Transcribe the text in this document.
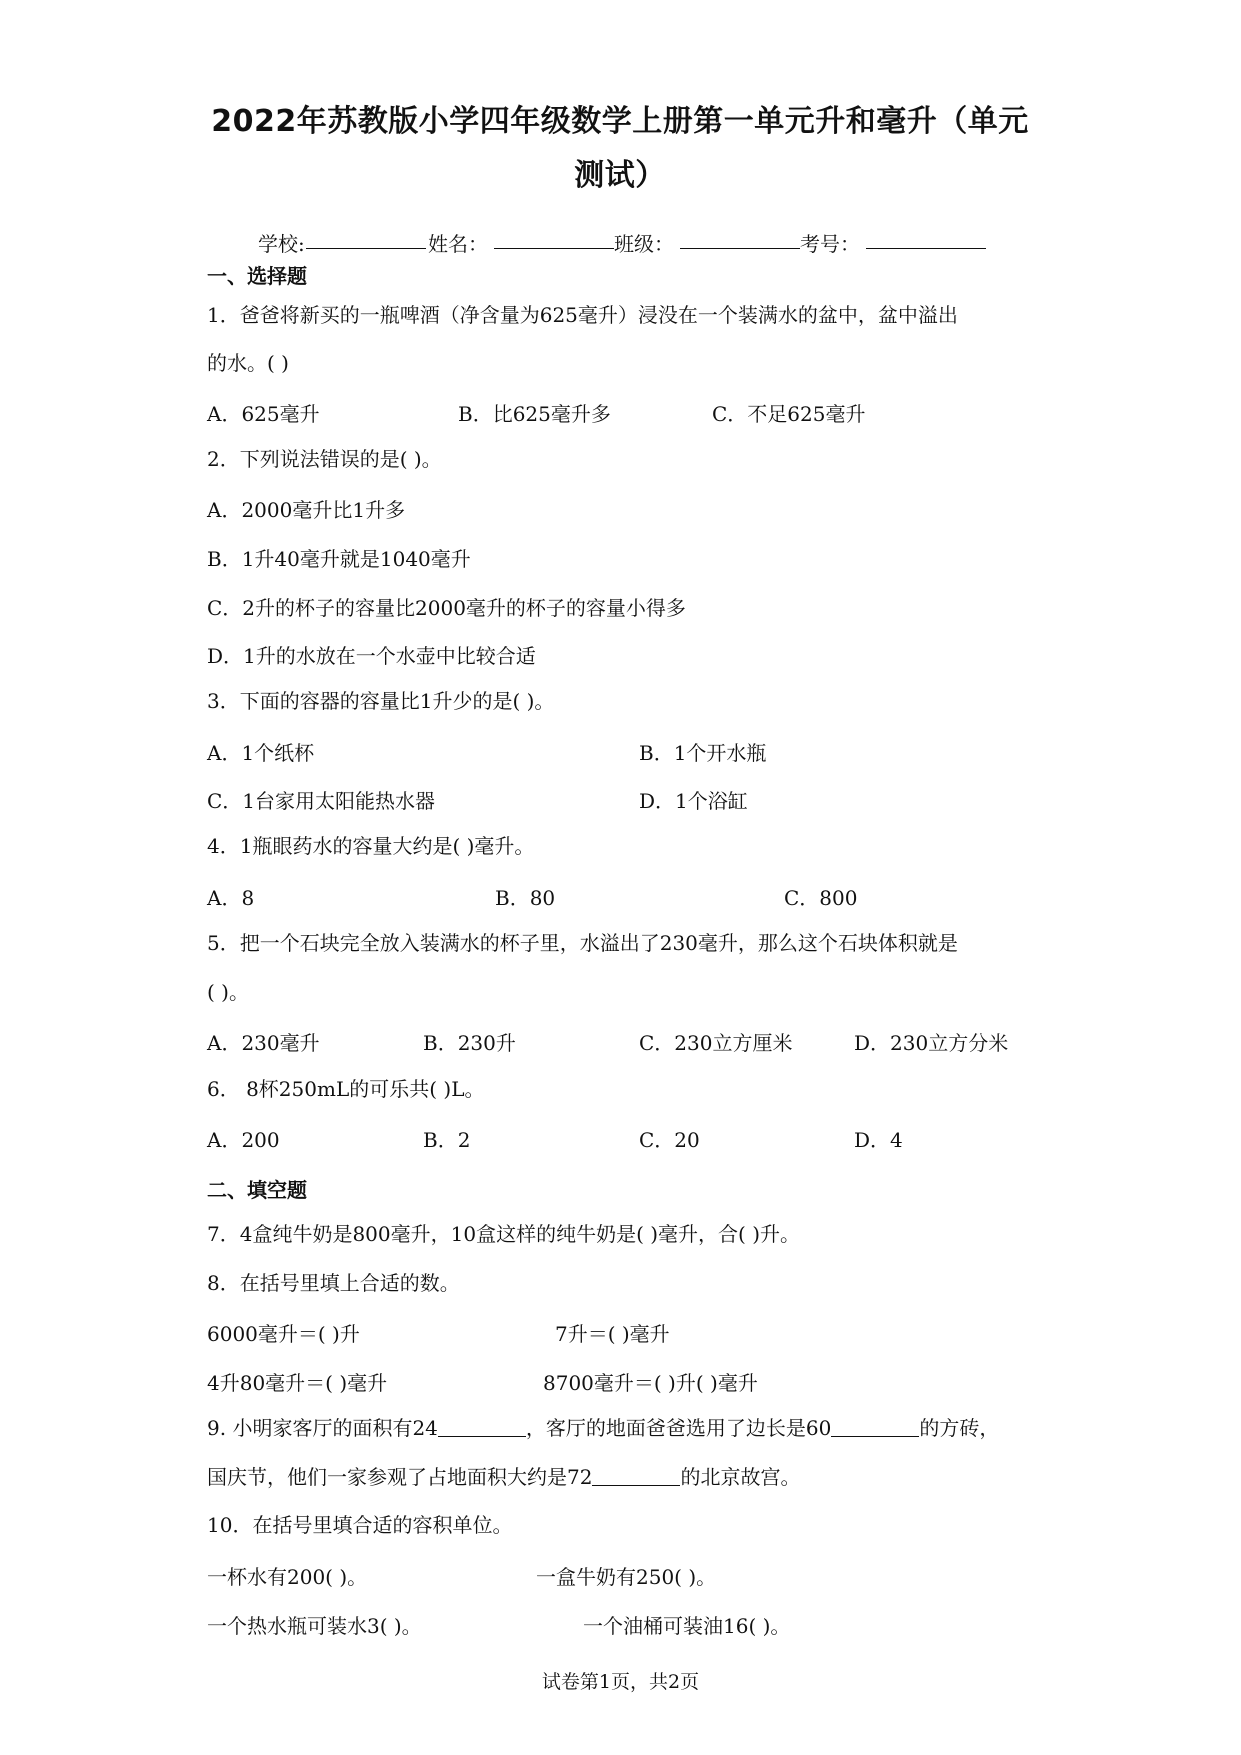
2022年苏教版小学四年级数学上册第一单元升和毫升（单元
测试）
学校:	姓名：	班级：	考号：
一、选择题
1．爸爸将新买的一瓶啤酒（净含量为625毫升）浸没在一个装满水的盆中，盆中溢出
的水。( )
A．625毫升	B．比625毫升多	C．不足625毫升
2．下列说法错误的是( )。
A．2000毫升比1升多
B．1升40毫升就是1040毫升
C．2升的杯子的容量比2000毫升的杯子的容量小得多
D．1升的水放在一个水壶中比较合适
3．下面的容器的容量比1升少的是( )。
A．1个纸杯	B．1个开水瓶
C．1台家用太阳能热水器	D．1个浴缸
4．1瓶眼药水的容量大约是( )毫升。
A．8	B．80	C．800
5．把一个石块完全放入装满水的杯子里，水溢出了230毫升，那么这个石块体积就是
( )。
A．230毫升	B．230升	C．230立方厘米	D．230立方分米
6． 8杯250mL的可乐共( )L。
A．200	B．2	C．20	D．4
二、填空题
7．4盒纯牛奶是800毫升，10盒这样的纯牛奶是( )毫升，合( )升。
8．在括号里填上合适的数。
6000毫升＝( )升	7升＝( )毫升
4升80毫升＝( )毫升	8700毫升＝( )升( )毫升
9. 小明家客厅的面积有24	，客厅的地面爸爸选用了边长是60	的方砖，
国庆节，他们一家参观了占地面积大约是72	的北京故宫。
10．在括号里填合适的容积单位。
一杯水有200( )。	一盒牛奶有250( )。
一个热水瓶可装水3( )。	一个油桶可装油16( )。
试卷第1页，共2页
